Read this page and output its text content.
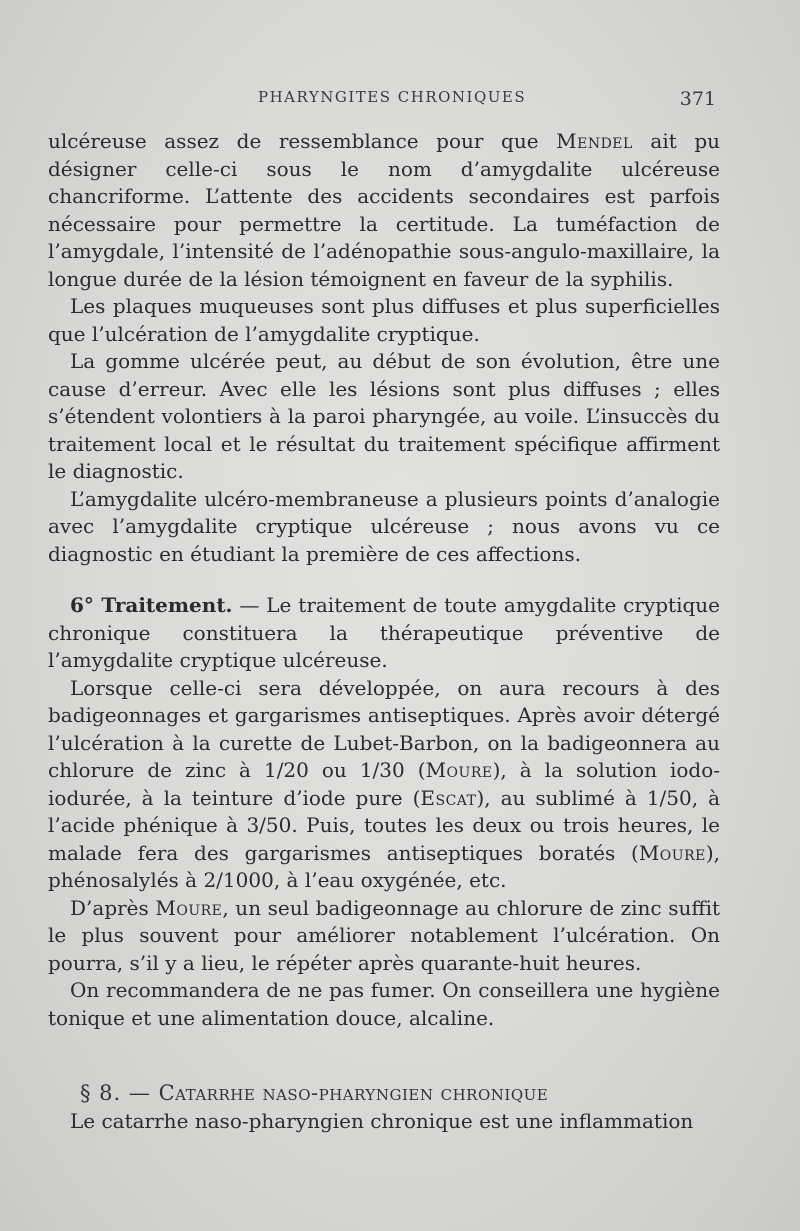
PHARYNGITES CHRONIQUES	371

ulcéreuse assez de ressemblance pour que Mendel ait pu désigner celle-ci sous le nom d’amygdalite ulcéreuse chancriforme. L’attente des accidents secondaires est parfois nécessaire pour permettre la certitude. La tuméfaction de l’amygdale, l’intensité de l’adénopathie sous-angulo-maxillaire, la longue durée de la lésion témoignent en faveur de la syphilis.

Les plaques muqueuses sont plus diffuses et plus superficielles que l’ulcération de l’amygdalite cryptique.

La gomme ulcérée peut, au début de son évolution, être une cause d’erreur. Avec elle les lésions sont plus diffuses ; elles s’étendent volontiers à la paroi pharyngée, au voile. L’insuccès du traitement local et le résultat du traitement spécifique affirment le diagnostic.

L’amygdalite ulcéro-membraneuse a plusieurs points d’analogie avec l’amygdalite cryptique ulcéreuse ; nous avons vu ce diagnostic en étudiant la première de ces affections.

6° Traitement. — Le traitement de toute amygdalite cryptique chronique constituera la thérapeutique préventive de l’amygdalite cryptique ulcéreuse.

Lorsque celle-ci sera développée, on aura recours à des badigeonnages et gargarismes antiseptiques. Après avoir détergé l’ulcération à la curette de Lubet-Barbon, on la badigeonnera au chlorure de zinc à 1/20 ou 1/30 (Moure), à la solution iodo-iodurée, à la teinture d’iode pure (Escat), au sublimé à 1/50, à l’acide phénique à 3/50. Puis, toutes les deux ou trois heures, le malade fera des gargarismes antiseptiques boratés (Moure), phénosalylés à 2/1000, à l’eau oxygénée, etc.

D’après Moure, un seul badigeonnage au chlorure de zinc suffit le plus souvent pour améliorer notablement l’ulcération. On pourra, s’il y a lieu, le répéter après quarante-huit heures.

On recommandera de ne pas fumer. On conseillera une hygiène tonique et une alimentation douce, alcaline.

§ 8. — Catarrhe naso-pharyngien chronique

Le catarrhe naso-pharyngien chronique est une inflammation
